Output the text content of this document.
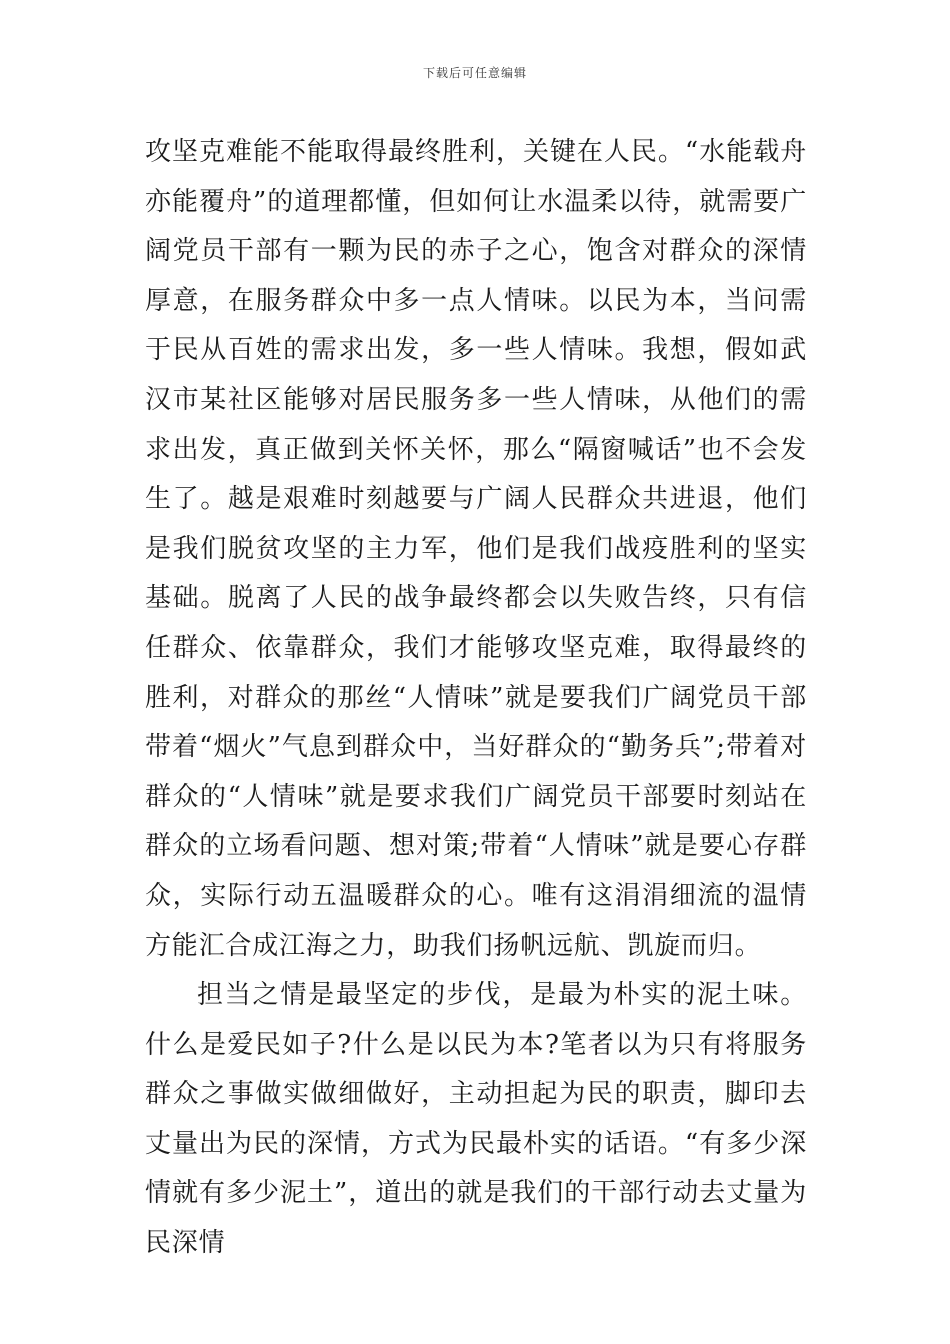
下载后可任意编辑

攻坚克难能不能取得最终胜利，关键在人民。“水能载舟亦能覆舟”的道理都懂，但如何让水温柔以待，就需要广阔党员干部有一颗为民的赤子之心，饱含对群众的深情厚意，在服务群众中多一点人情味。以民为本，当问需于民从百姓的需求出发，多一些人情味。我想，假如武汉市某社区能够对居民服务多一些人情味，从他们的需求出发，真正做到关怀关怀，那么“隔窗喊话”也不会发生了。越是艰难时刻越要与广阔人民群众共进退，他们是我们脱贫攻坚的主力军，他们是我们战疫胜利的坚实基础。脱离了人民的战争最终都会以失败告终，只有信任群众、依靠群众，我们才能够攻坚克难，取得最终的胜利，对群众的那丝“人情味”就是要我们广阔党员干部带着“烟火”气息到群众中，当好群众的“勤务兵”;带着对群众的“人情味”就是要求我们广阔党员干部要时刻站在群众的立场看问题、想对策;带着“人情味”就是要心存群众，实际行动五温暖群众的心。唯有这涓涓细流的温情方能汇合成江海之力，助我们扬帆远航、凯旋而归。

担当之情是最坚定的步伐，是最为朴实的泥土味。什么是爱民如子?什么是以民为本?笔者以为只有将服务群众之事做实做细做好，主动担起为民的职责，脚印去丈量出为民的深情，方式为民最朴实的话语。“有多少深情就有多少泥土”，道出的就是我们的干部行动去丈量为民深情
